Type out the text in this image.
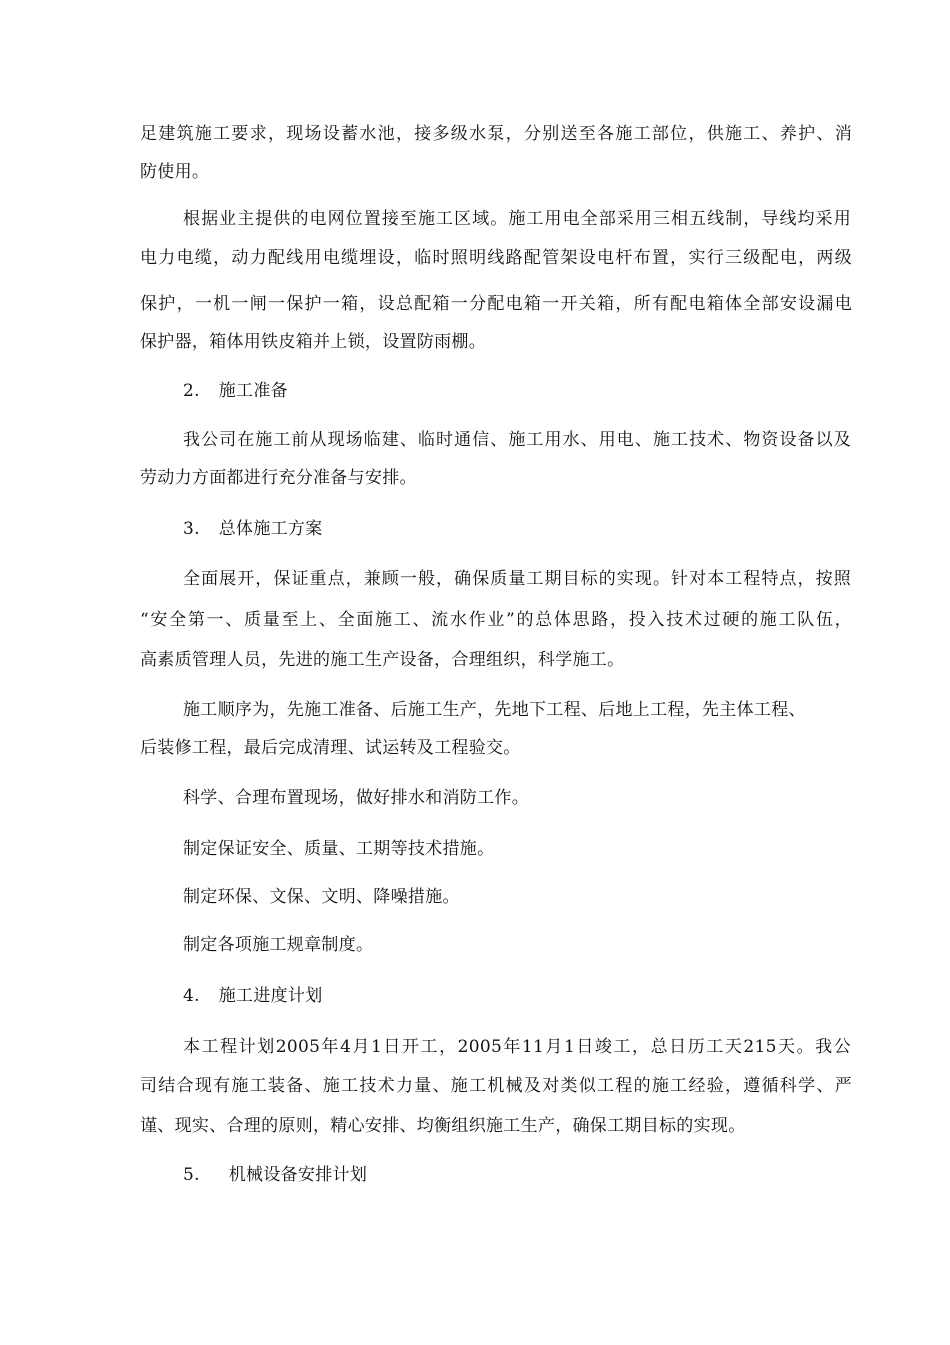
足建筑施工要求，现场设蓄水池，接多级水泵，分别送至各施工部位，供施工、养护、消
防使用。
根据业主提供的电网位置接至施工区域。施工用电全部采用三相五线制，导线均采用
电力电缆，动力配线用电缆埋设，临时照明线路配管架设电杆布置，实行三级配电，两级
保护，一机一闸一保护一箱，设总配箱一分配电箱一开关箱，所有配电箱体全部安设漏电
保护器，箱体用铁皮箱并上锁，设置防雨棚。
2. 施工准备
我公司在施工前从现场临建、临时通信、施工用水、用电、施工技术、物资设备以及
劳动力方面都进行充分准备与安排。
3. 总体施工方案
全面展开，保证重点，兼顾一般，确保质量工期目标的实现。针对本工程特点，按照
“安全第一、质量至上、全面施工、流水作业”的总体思路，投入技术过硬的施工队伍，
高素质管理人员，先进的施工生产设备，合理组织，科学施工。
施工顺序为，先施工准备、后施工生产，先地下工程、后地上工程，先主体工程、
后装修工程，最后完成清理、试运转及工程验交。
科学、合理布置现场，做好排水和消防工作。
制定保证安全、质量、工期等技术措施。
制定环保、文保、文明、降噪措施。
制定各项施工规章制度。
4. 施工进度计划
本工程计划2005年4月1日开工，2005年11月1日竣工，总日历工天215天。我公
司结合现有施工装备、施工技术力量、施工机械及对类似工程的施工经验，遵循科学、严
谨、现实、合理的原则，精心安排、均衡组织施工生产，确保工期目标的实现。
5. 机械设备安排计划
